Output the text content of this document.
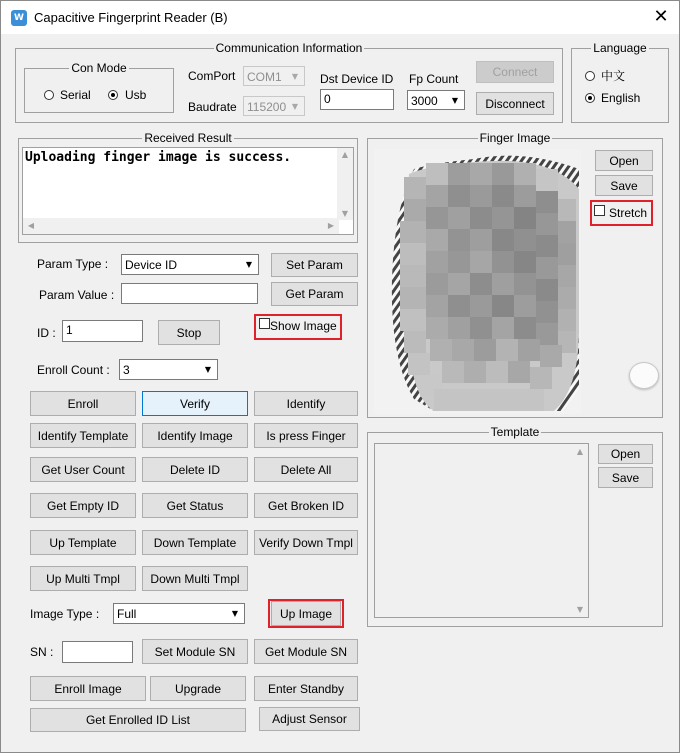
W Capacitive Fingerprint Reader (B)	✕
Communication Information
Con Mode
Serial	Usb
ComPort COM1	▼
Baudrate 115200 ▼
Dst Device ID
0
Fp Count
3000	▼
Connect
Disconnect
Language
中文
English
Received Result
Uploading finger image is success.	▲
▼
◀	▶
Param Type : Device ID	▼	Set Param
Param Value :	Get Param
ID : 1	Stop	Show Image
Enroll Count : 3	▼
Enroll	Verify	Identify
Identify Template	Identify Image	Is press Finger
Get User Count	Delete ID	Delete All
Get Empty ID	Get Status	Get Broken ID
Up Template	Down Template	Verify Down Tmpl
Up Multi Tmpl	Down Multi Tmpl
Image Type : Full	▼	Up Image
SN :	Set Module SN	Get Module SN
Enroll Image	Upgrade	Enter Standby
Get Enrolled ID List	Adjust Sensor
Finger Image
Open
Save
Stretch
Template
▲
▼
Open
Save
